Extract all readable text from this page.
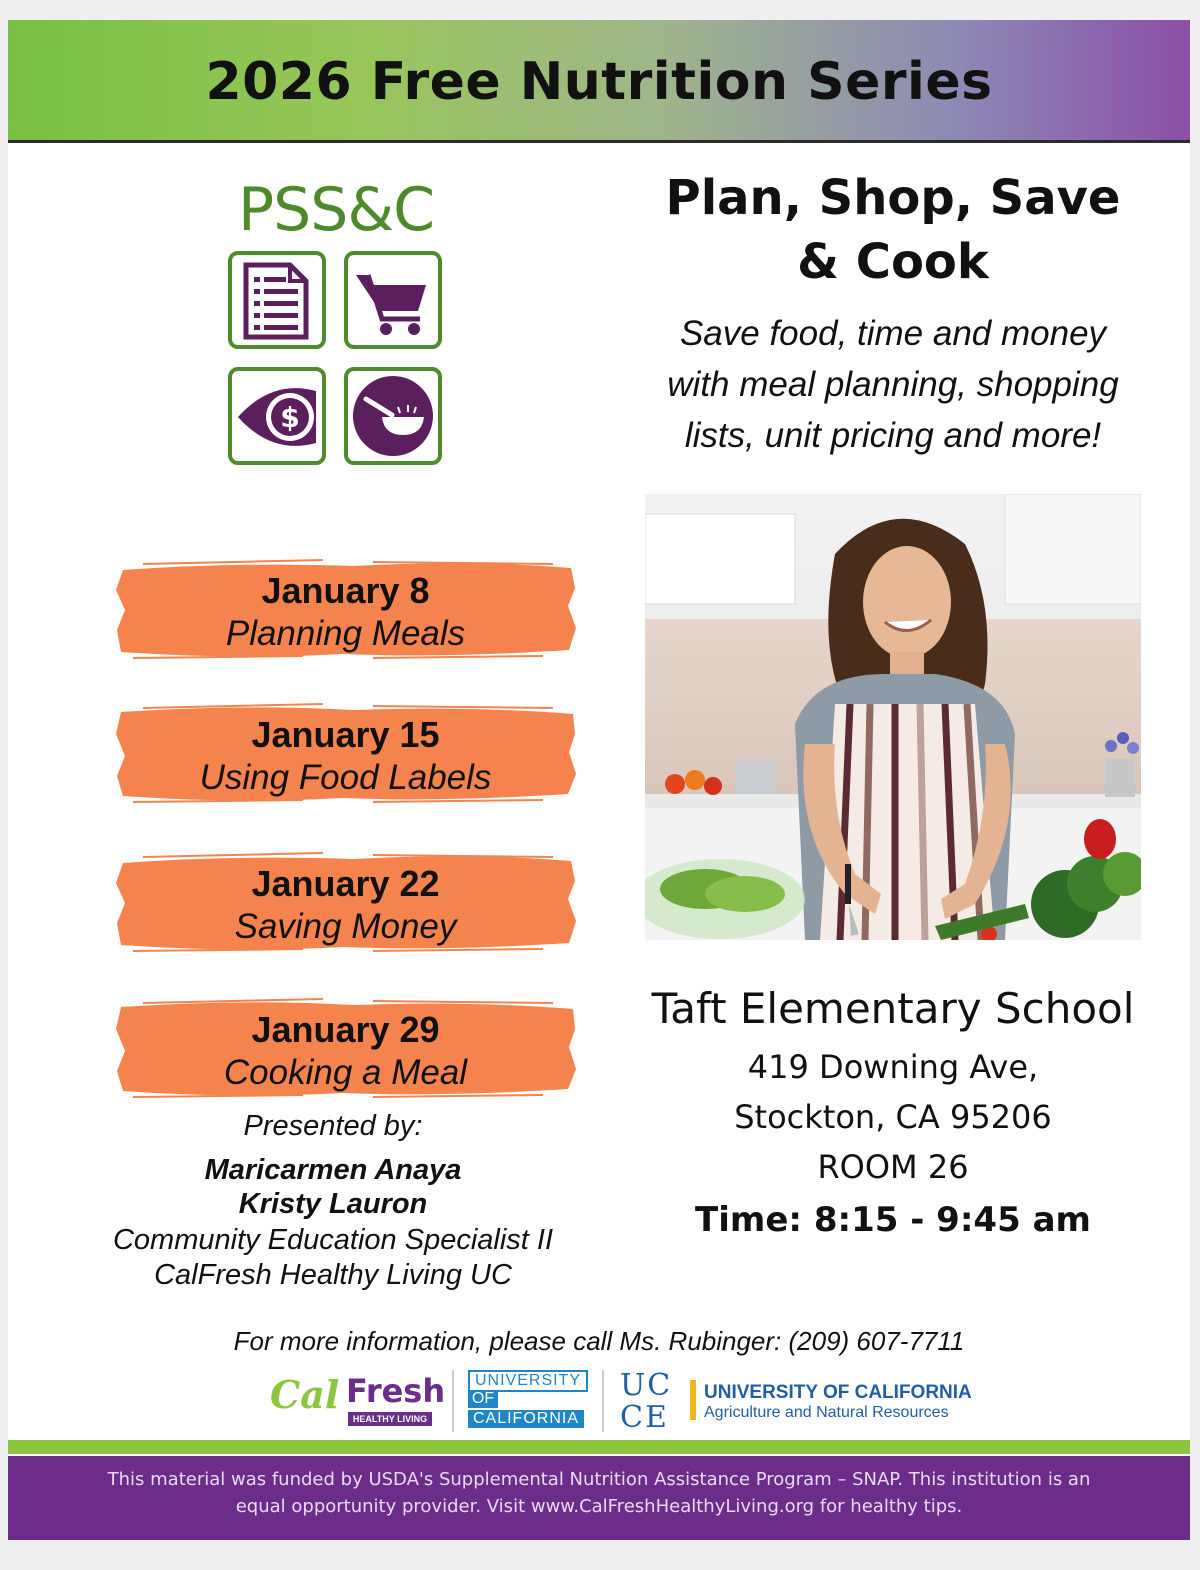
2026 Free Nutrition Series
PSS&C
$
Plan, Shop, Save
& Cook
Save food, time and money
with meal planning, shopping
lists, unit pricing and more!
January 8
Planning Meals
January 15
Using Food Labels
January 22
Saving Money
January 29
Cooking a Meal
Presented by:
Maricarmen Anaya
Kristy Lauron
Community Education Specialist II
CalFresh Healthy Living UC
Taft Elementary School
419 Downing Ave,
Stockton, CA 95206
ROOM 26
Time: 8:15 - 9:45 am
For more information, please call Ms. Rubinger: (209) 607-7711
Cal Fresh
HEALTHY LIVING
UNIVERSITY
OF
CALIFORNIA
UC
CE
UNIVERSITY OF CALIFORNIA
Agriculture and Natural Resources
This material was funded by USDA's Supplemental Nutrition Assistance Program – SNAP. This institution is an
equal opportunity provider. Visit www.CalFreshHealthyLiving.org for healthy tips.
